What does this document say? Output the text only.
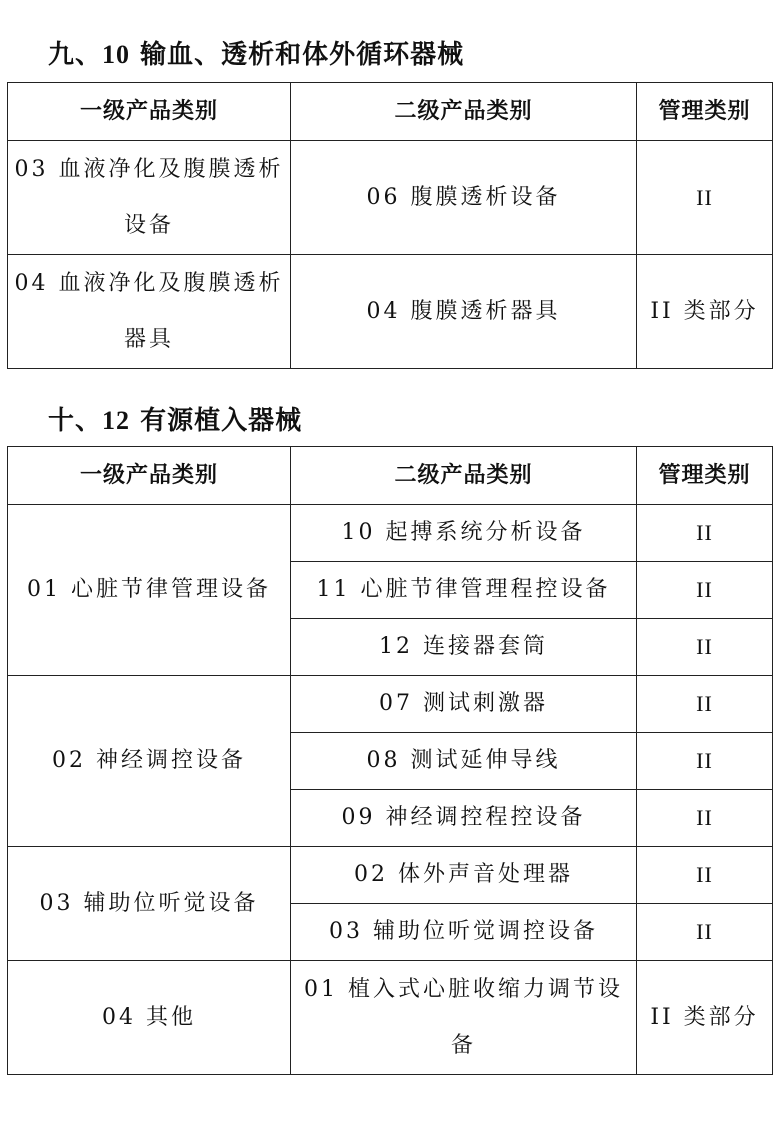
九、10 输血、透析和体外循环器械
一级产品类别	二级产品类别	管理类别
03 血液净化及腹膜透析设备	06 腹膜透析设备	II
04 血液净化及腹膜透析器具	04 腹膜透析器具	II 类部分
十、12 有源植入器械
一级产品类别	二级产品类别	管理类别
01 心脏节律管理设备	10 起搏系统分析设备	II
	11 心脏节律管理程控设备	II
	12 连接器套筒	II
02 神经调控设备	07 测试刺激器	II
	08 测试延伸导线	II
	09 神经调控程控设备	II
03 辅助位听觉设备	02 体外声音处理器	II
	03 辅助位听觉调控设备	II
04 其他	01 植入式心脏收缩力调节设备	II 类部分
